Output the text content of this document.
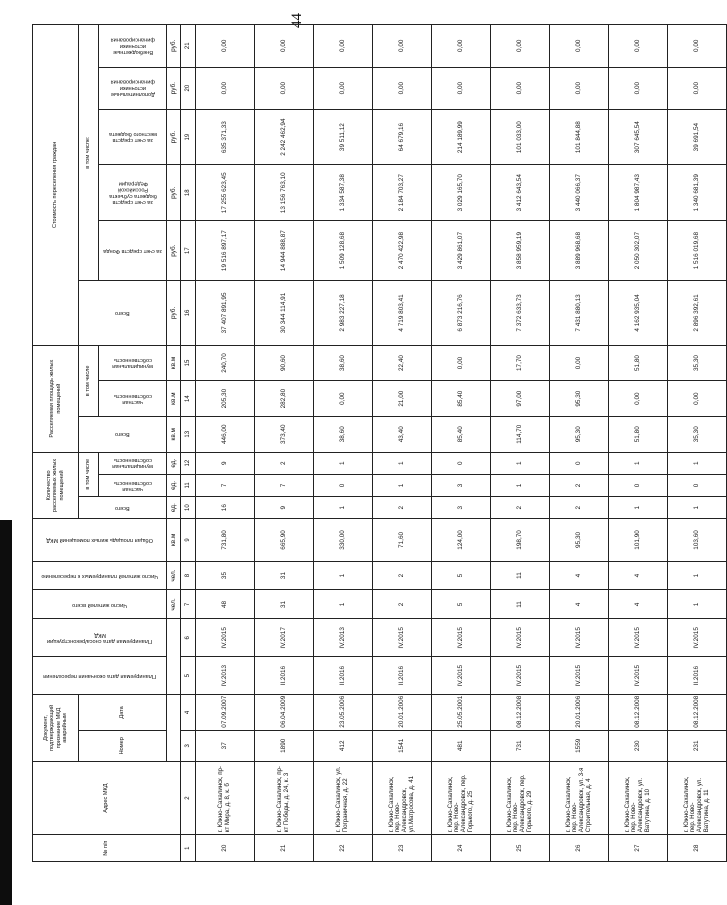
44
№ п/п	Адрес МКД	Документ, подтверждающий признание МКД аварийным		Планируемая дата окончания переселения	Планируемая дата сноса/реконструкции МКД	Число жителей всего	Число жителей планируемых к переселению	Общая площадь жилых помещений МКД	Количество расселяемых жилых помещений			Расселяемая площадь жилых помещений			Стоимость переселения граждан					
		Номер	Дата						Всего	в том числе		Всего	в том числе		Всего	в том числе:				

										частная собственность	муниципальная собственность		частная собственность	муниципальная собственность		за счет средств Фонда	за счет средств бюджета субъекта Российской Федерации	за счет средств местного бюджета	Дополнительные источники финансирования	Внебюджетные источники финансирования

						чел.	чел.	кв.м	ед.	ед.	ед.	кв.м	кв.м	кв.м	руб.	руб.	руб.	руб.	руб.	руб.
1	2	3	4	5	6	7	8	9	10	11	12	13	14	15	16	17	18	19	20	21
20	г. Южно-Сахалинск, пр-кт Мира, д. 8, к. б	37	07.09.2007	IV.2013	IV.2015	48	35	731,80	16	7	9	446,00	205,30	240,70	37 407 891,95	19 516 897,17	17 255 623,45	635 371,33	0,00	0,00
21	г. Южно-Сахалинск, пр-кт Победы, д. 24, к. 3	1890	06.04.2009	II.2016	IV.2017	31	31	665,90	9	7	2	373,40	282,80	90,60	30 344 114,91	14 944 888,87	13 156 763,10	2 242 462,94	0,00	0,00
22	г. Южно-Сахалинск, ул. Пограничная, д. 22	412	23.05.2006	II.2016	IV.2013	1	1	330,00	1	0	1	38,60	0,00	38,60	2 983 227,18	1 509 128,68	1 334 587,38	39 511,12	0,00	0,00
23	г. Южно-Сахалинск, пер. Ново-Александровск, ул.Матросова, д. 41	1541	20.01.2006	II.2016	IV.2015	2	2	71,60	2	1	1	43,40	21,00	22,40	4 719 803,41	2 470 422,98	2 184 703,27	64 679,16	0,00	0,00
24	г. Южно-Сахалинск, пер. Ново-Александровск, пер. Горького, д. 25	481	25.05.2001	IV.2015	IV.2015	5	5	124,00	3	3	0	85,40	85,40	0,00	6 873 216,76	3 429 861,07	3 029 165,70	214 189,99	0,00	0,00
25	г. Южно-Сахалинск, пер. Ново-Александровск, пер. Горького, д. 29	731	08.12.2008	IV.2015	IV.2015	11	11	198,70	2	1	1	114,70	97,00	17,70	7 372 633,73	3 858 959,19	3 412 643,54	101 033,00	0,00	0,00
26	г. Южно-Сахалинск, пер. Ново-Александровск, ул. 3-я Строительная, д. 4	1559	20.01.2006	IV.2015	IV.2015	4	4	95,30	2	2	0	95,30	95,30	0,00	7 431 880,13	3 889 968,68	3 440 066,37	101 844,88	0,00	0,00
27	г. Южно-Сахалинск, пер. Ново-Александровск, ул. Ватутина, д. 10	230	08.12.2008	IV.2015	IV.2015	4	4	101,90	1	0	1	51,80	0,00	51,80	4 162 935,04	2 050 302,07	1 804 987,43	307 645,54	0,00	0,00
28	г. Южно-Сахалинск, пер. Ново-Александровск, ул. Ватутина, д. 11	231	08.12.2008	II.2016	IV.2015	1	1	103,60	1	0	1	35,30	0,00	35,30	2 896 392,61	1 516 019,68	1 340 681,39	39 691,54	0,00	0,00
